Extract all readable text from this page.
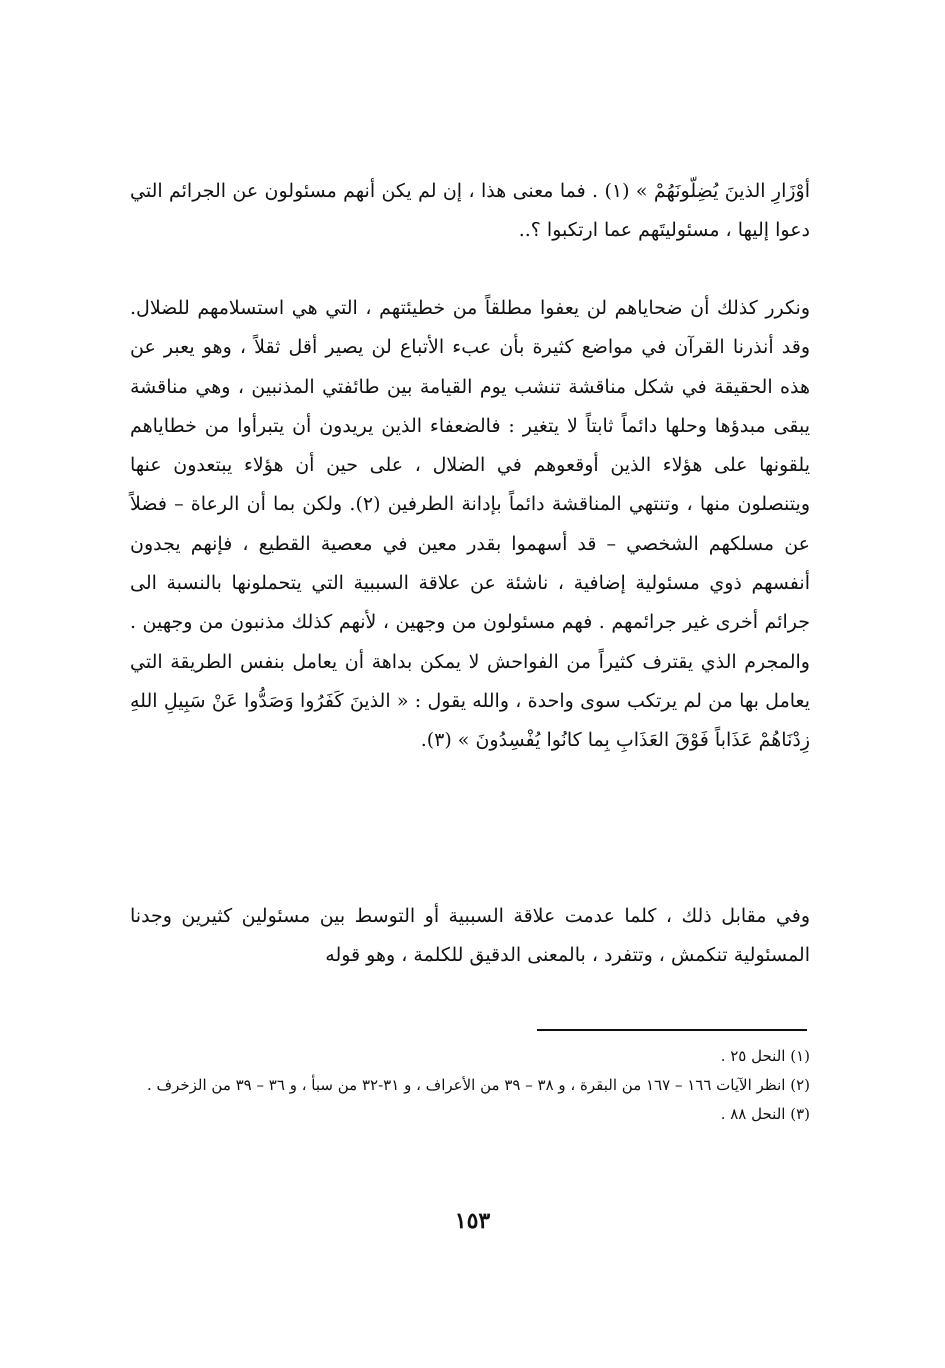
أوْزَارِ الذينَ يُضِلّونَهُمْ » (١) . فما معنى هذا ، إن لم يكن أنهم مسئولون عن الجرائم التي دعوا إليها ، مسئوليتَهم عما ارتكبوا ؟..

ونكرر كذلك أن ضحاياهم لن يعفوا مطلقاً من خطيئتهم ، التي هي استسلامهم للضلال. وقد أنذرنا القرآن في مواضع كثيرة بأن عبء الأتباع لن يصير أقل ثقلاً ، وهو يعبر عن هذه الحقيقة في شكل مناقشة تنشب يوم القيامة بين طائفتي المذنبين ، وهي مناقشة يبقى مبدؤها وحلها دائماً ثابتاً لا يتغير : فالضعفاء الذين يريدون أن يتبرأوا من خطاياهم يلقونها على هؤلاء الذين أوقعوهم في الضلال ، على حين أن هؤلاء يبتعدون عنها ويتنصلون منها ، وتنتهي المناقشة دائماً بإدانة الطرفين (٢). ولكن بما أن الرعاة – فضلاً عن مسلكهم الشخصي – قد أسهموا بقدر معين في معصية القطيع ، فإنهم يجدون أنفسهم ذوي مسئولية إضافية ، ناشئة عن علاقة السببية التي يتحملونها بالنسبة الى جرائم أخرى غير جرائمهم . فهم مسئولون من وجهين ، لأنهم كذلك مذنبون من وجهين . والمجرم الذي يقترف كثيراً من الفواحش لا يمكن بداهة أن يعامل بنفس الطريقة التي يعامل بها من لم يرتكب سوى واحدة ، والله يقول : « الذينَ كَفَرُوا وَصَدُّوا عَنْ سَبِيلِ اللهِ زِدْنَاهُمْ عَذَاباً فَوْقَ العَذَابِ بِما كانُوا يُفْسِدُونَ » (٣).

وفي مقابل ذلك ، كلما عدمت علاقة السببية أو التوسط بين مسئولين كثيرين وجدنا المسئولية تنكمش ، وتتفرد ، بالمعنى الدقيق للكلمة ، وهو قوله

(١) النحل ٢٥ .

(٢) انظر الآيات ١٦٦ – ١٦٧ من البقرة ، و ٣٨ – ٣٩ من الأعراف ، و ٣١-٣٢ من سبأ ، و ٣٦ – ٣٩ من الزخرف .

(٣) النحل ٨٨ .

١٥٣
